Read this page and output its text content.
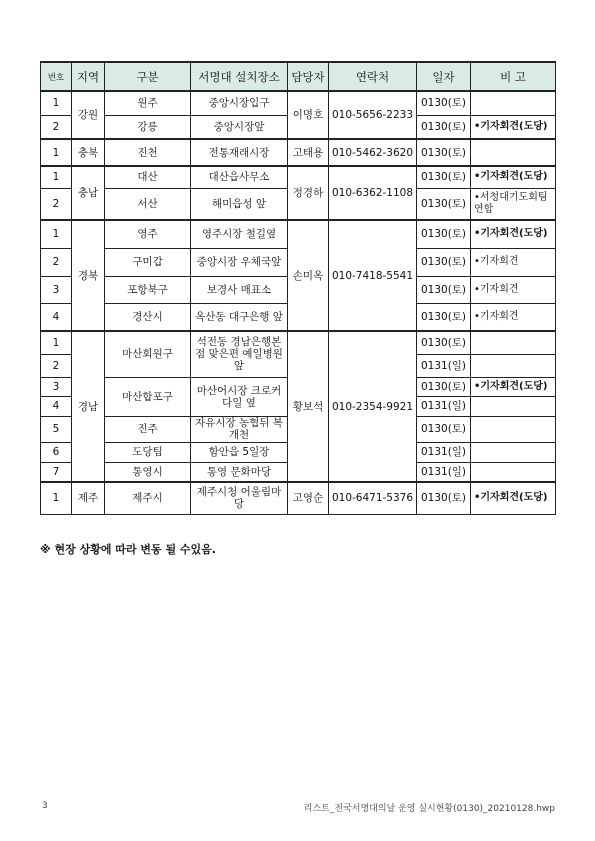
번호	지역	구분	서명대 설치장소	담당자	연락처	일자	비 고
1	강원	원주	중앙시장입구	이명호	010-5656-2233	0130(토)	
2		강릉	중앙시장앞			0130(토)	•기자회견(도당)
1	충북	진천	전통재래시장	고태용	010-5462-3620	0130(토)	
1	충남	대산	대산읍사무소	정경하	010-6362-1108	0130(토)	•기자회견(도당)
2		서산	해미읍성 앞			0130(토)	•서청대기도회팀 연합
1	경북	영주	영주시장 철길옆	손미옥	010-7418-5541	0130(토)	•기자회견(도당)
2		구미갑	중앙시장 우체국앞			0130(토)	•기자회견
3		포항북구	보경사 매표소			0130(토)	•기자회견
4		경산시	옥산동 대구은행 앞			0130(토)	•기자회견
1	경남	마산회원구	석전동 경남은행본점 맞은편 예일병원 앞	황보석	010-2354-9921	0130(토)	
2						0131(일)	
3		마산합포구	마산어시장 크로커다일 옆			0130(토)	•기자회견(도당)
4						0131(일)	
5		진주	자유시장 농협뒤 복개천			0130(토)	
6		도당팀	함안읍 5일장			0131(일)	
7		통영시	통영 문화마당			0131(일)	
1	제주	제주시	제주시청 어울림마당	고영순	010-6471-5376	0130(토)	•기자회견(도당)
※ 현장 상황에 따라 변동 될 수있음.
3	리스트_전국서명대의날 운영 실시현황(0130)_20210128.hwp
